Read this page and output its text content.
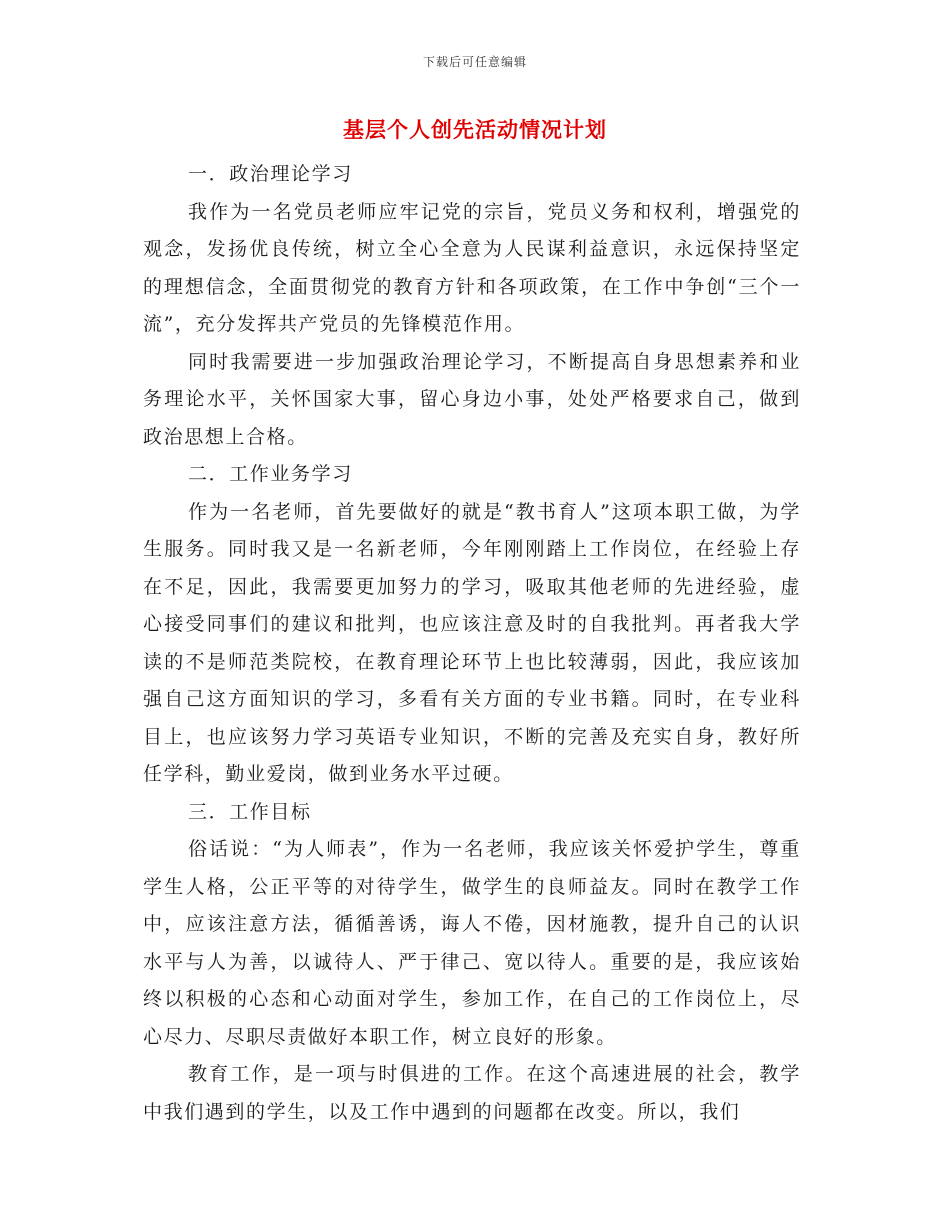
下载后可任意编辑
基层个人创先活动情况计划
一．政治理论学习

我作为一名党员老师应牢记党的宗旨，党员义务和权利，增强党的观念，发扬优良传统，树立全心全意为人民谋利益意识，永远保持坚定的理想信念，全面贯彻党的教育方针和各项政策，在工作中争创“三个一流”，充分发挥共产党员的先锋模范作用。

同时我需要进一步加强政治理论学习，不断提高自身思想素养和业务理论水平，关怀国家大事，留心身边小事，处处严格要求自己，做到政治思想上合格。

二．工作业务学习

作为一名老师，首先要做好的就是“教书育人”这项本职工做，为学生服务。同时我又是一名新老师，今年刚刚踏上工作岗位，在经验上存在不足，因此，我需要更加努力的学习，吸取其他老师的先进经验，虚心接受同事们的建议和批判，也应该注意及时的自我批判。再者我大学读的不是师范类院校，在教育理论环节上也比较薄弱，因此，我应该加强自己这方面知识的学习，多看有关方面的专业书籍。同时，在专业科目上，也应该努力学习英语专业知识，不断的完善及充实自身，教好所任学科，勤业爱岗，做到业务水平过硬。

三．工作目标

俗话说：“为人师表”，作为一名老师，我应该关怀爱护学生，尊重学生人格，公正平等的对待学生，做学生的良师益友。同时在教学工作中，应该注意方法，循循善诱，诲人不倦，因材施教，提升自己的认识水平与人为善，以诚待人、严于律己、宽以待人。重要的是，我应该始终以积极的心态和心动面对学生，参加工作，在自己的工作岗位上，尽心尽力、尽职尽责做好本职工作，树立良好的形象。

教育工作，是一项与时俱进的工作。在这个高速进展的社会，教学中我们遇到的学生，以及工作中遇到的问题都在改变。所以，我们
